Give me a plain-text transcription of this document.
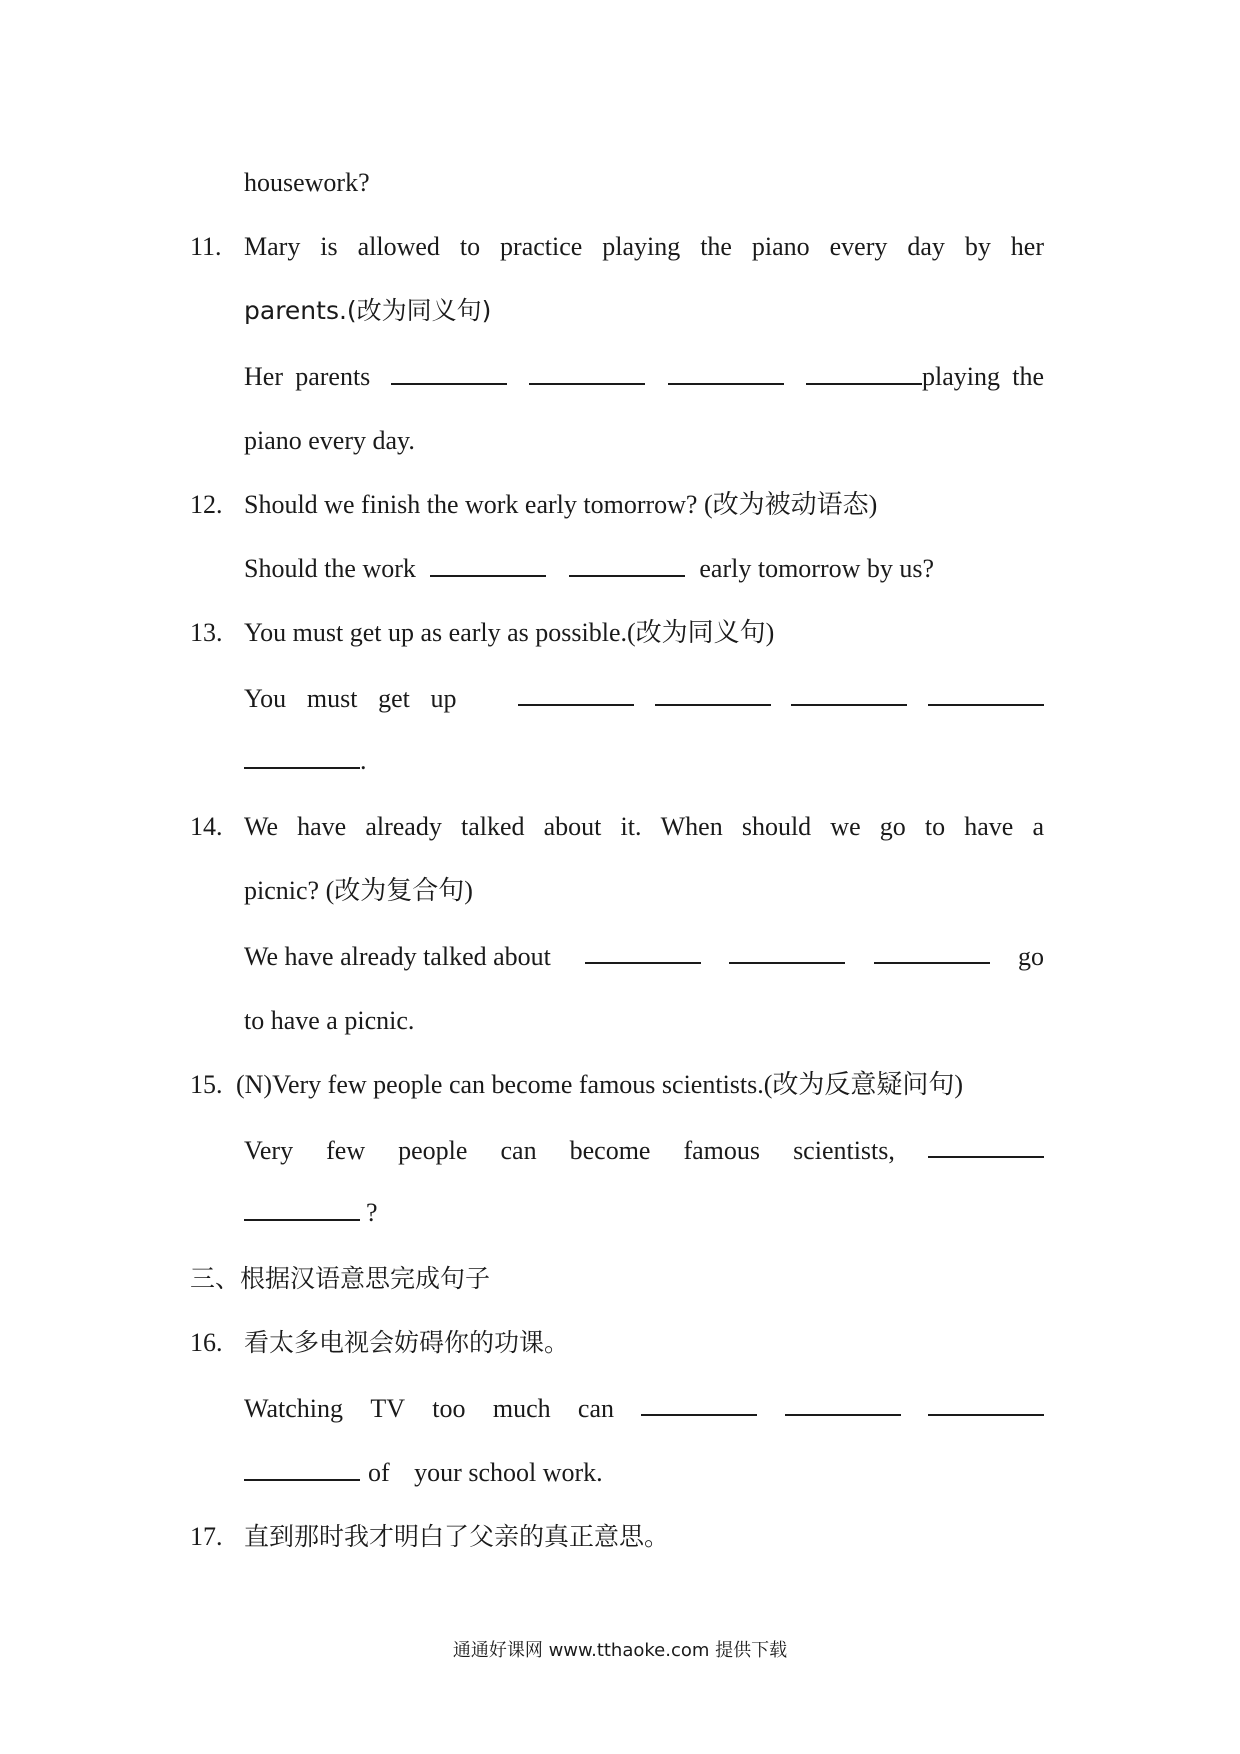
housework?
11. Mary is allowed to practice playing the piano every day by her
parents.(改为同义句)
Her parents	playing the
piano every day.
12. Should we finish the work early tomorrow? (改为被动语态)
Should the work	early tomorrow by us?
13. You must get up as early as possible.(改为同义句)
You must get up
.
14. We have already talked about it. When should we go to have a
picnic? (改为复合句)
We have already talked about	go
to have a picnic.
15. (N)Very few people can become famous scientists.(改为反意疑问句)
Very few people can become famous scientists,
?
三、根据汉语意思完成句子
16. 看太多电视会妨碍你的功课。
Watching TV too much can
of your school work.
17. 直到那时我才明白了父亲的真正意思。
通通好课网 www.tthaoke.com 提供下载
